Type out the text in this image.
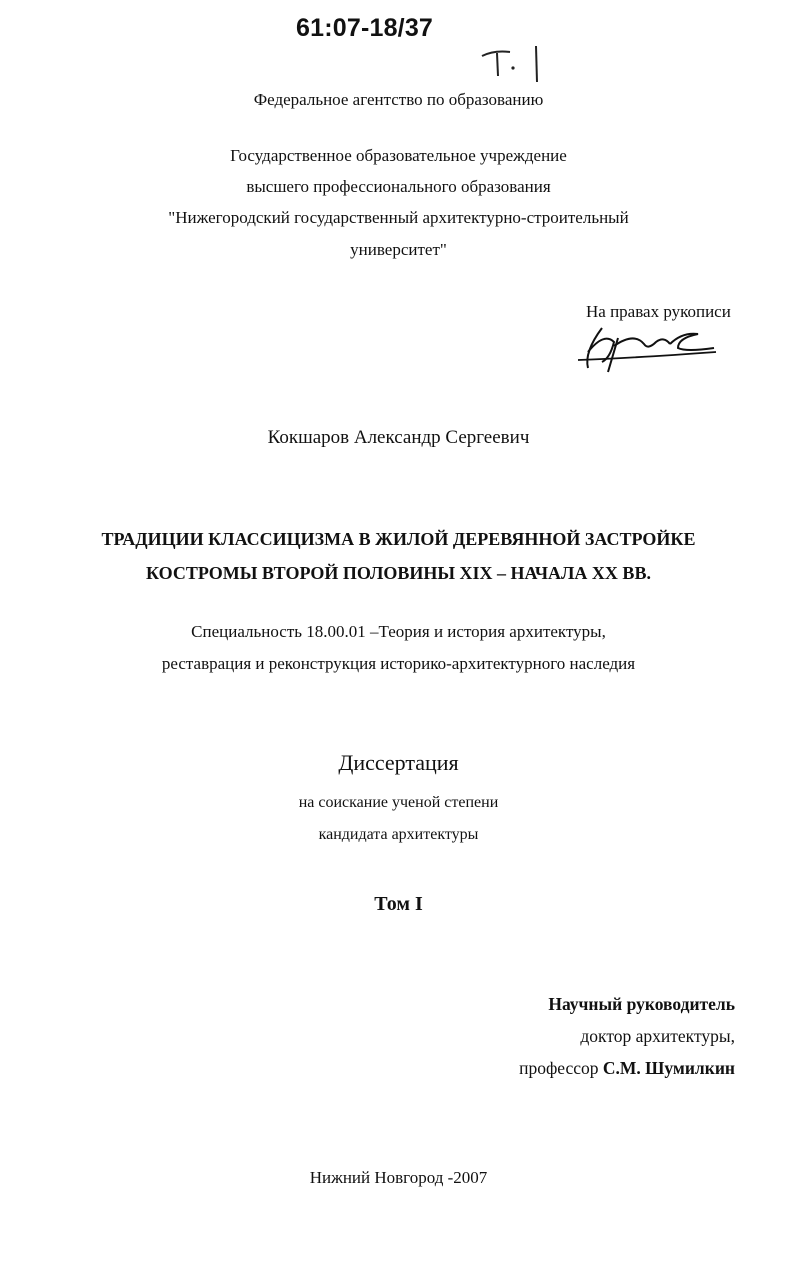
61:07-18/37
Федеральное агентство по образованию
Государственное образовательное учреждение
высшего профессионального образования
"Нижегородский государственный архитектурно-строительный
университет"
На правах рукописи
Кокшаров Александр Сергеевич
ТРАДИЦИИ КЛАССИЦИЗМА В ЖИЛОЙ ДЕРЕВЯННОЙ ЗАСТРОЙКЕ
КОСТРОМЫ ВТОРОЙ ПОЛОВИНЫ XIX – НАЧАЛА XX ВВ.
Специальность 18.00.01 –Теория и история архитектуры,
реставрация и реконструкция историко-архитектурного наследия
Диссертация
на соискание ученой степени
кандидата архитектуры
Том I
Научный руководитель
доктор архитектуры,
профессор С.М. Шумилкин
Нижний Новгород -2007
